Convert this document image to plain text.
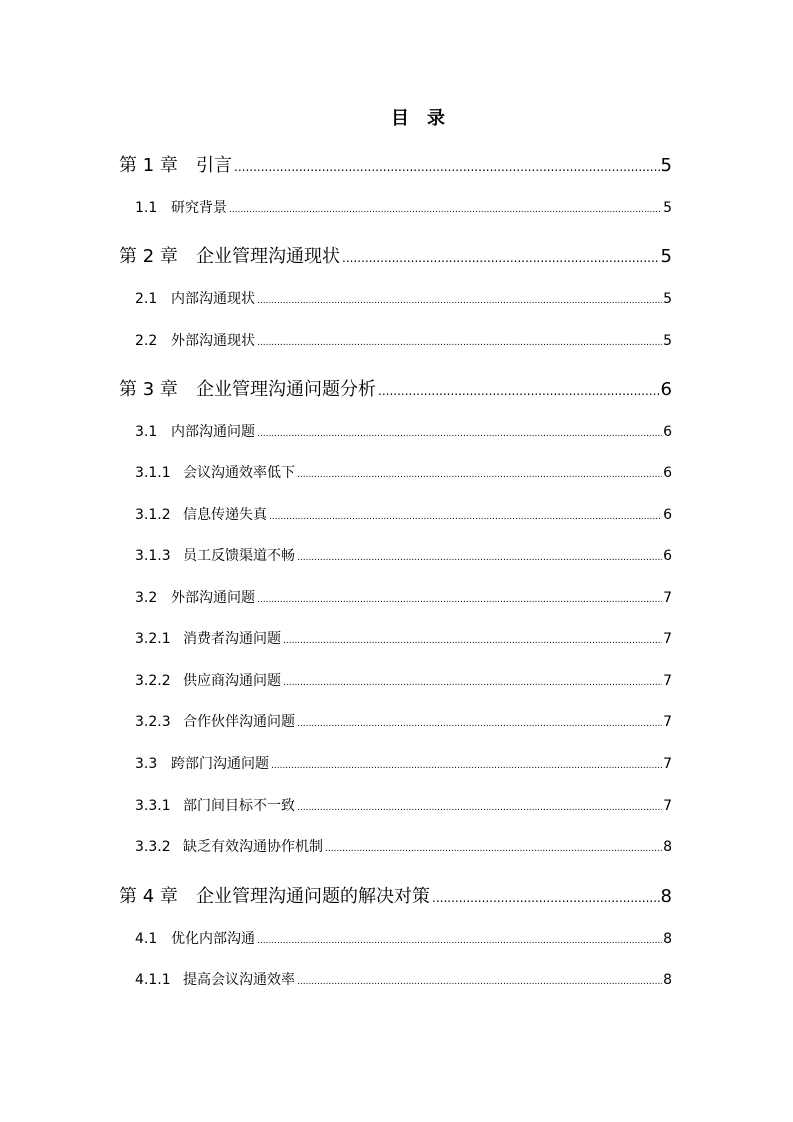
目　录
第 1 章	引言 .....	5
1.1 研究背景 .....	5
第 2 章	企业管理沟通现状 .....	5
2.1 内部沟通现状 .....	5
2.2 外部沟通现状 .....	5
第 3 章	企业管理沟通问题分析 .....	6
3.1 内部沟通问题 .....	6
3.1.1 会议沟通效率低下 .....	6
3.1.2 信息传递失真 .....	6
3.1.3 员工反馈渠道不畅 .....	6
3.2 外部沟通问题 .....	7
3.2.1 消费者沟通问题 .....	7
3.2.2 供应商沟通问题 .....	7
3.2.3 合作伙伴沟通问题 .....	7
3.3 跨部门沟通问题 .....	7
3.3.1 部门间目标不一致 .....	7
3.3.2 缺乏有效沟通协作机制 .....	8
第 4 章	企业管理沟通问题的解决对策 .....	8
4.1 优化内部沟通 .....	8
4.1.1 提高会议沟通效率 .....	8
